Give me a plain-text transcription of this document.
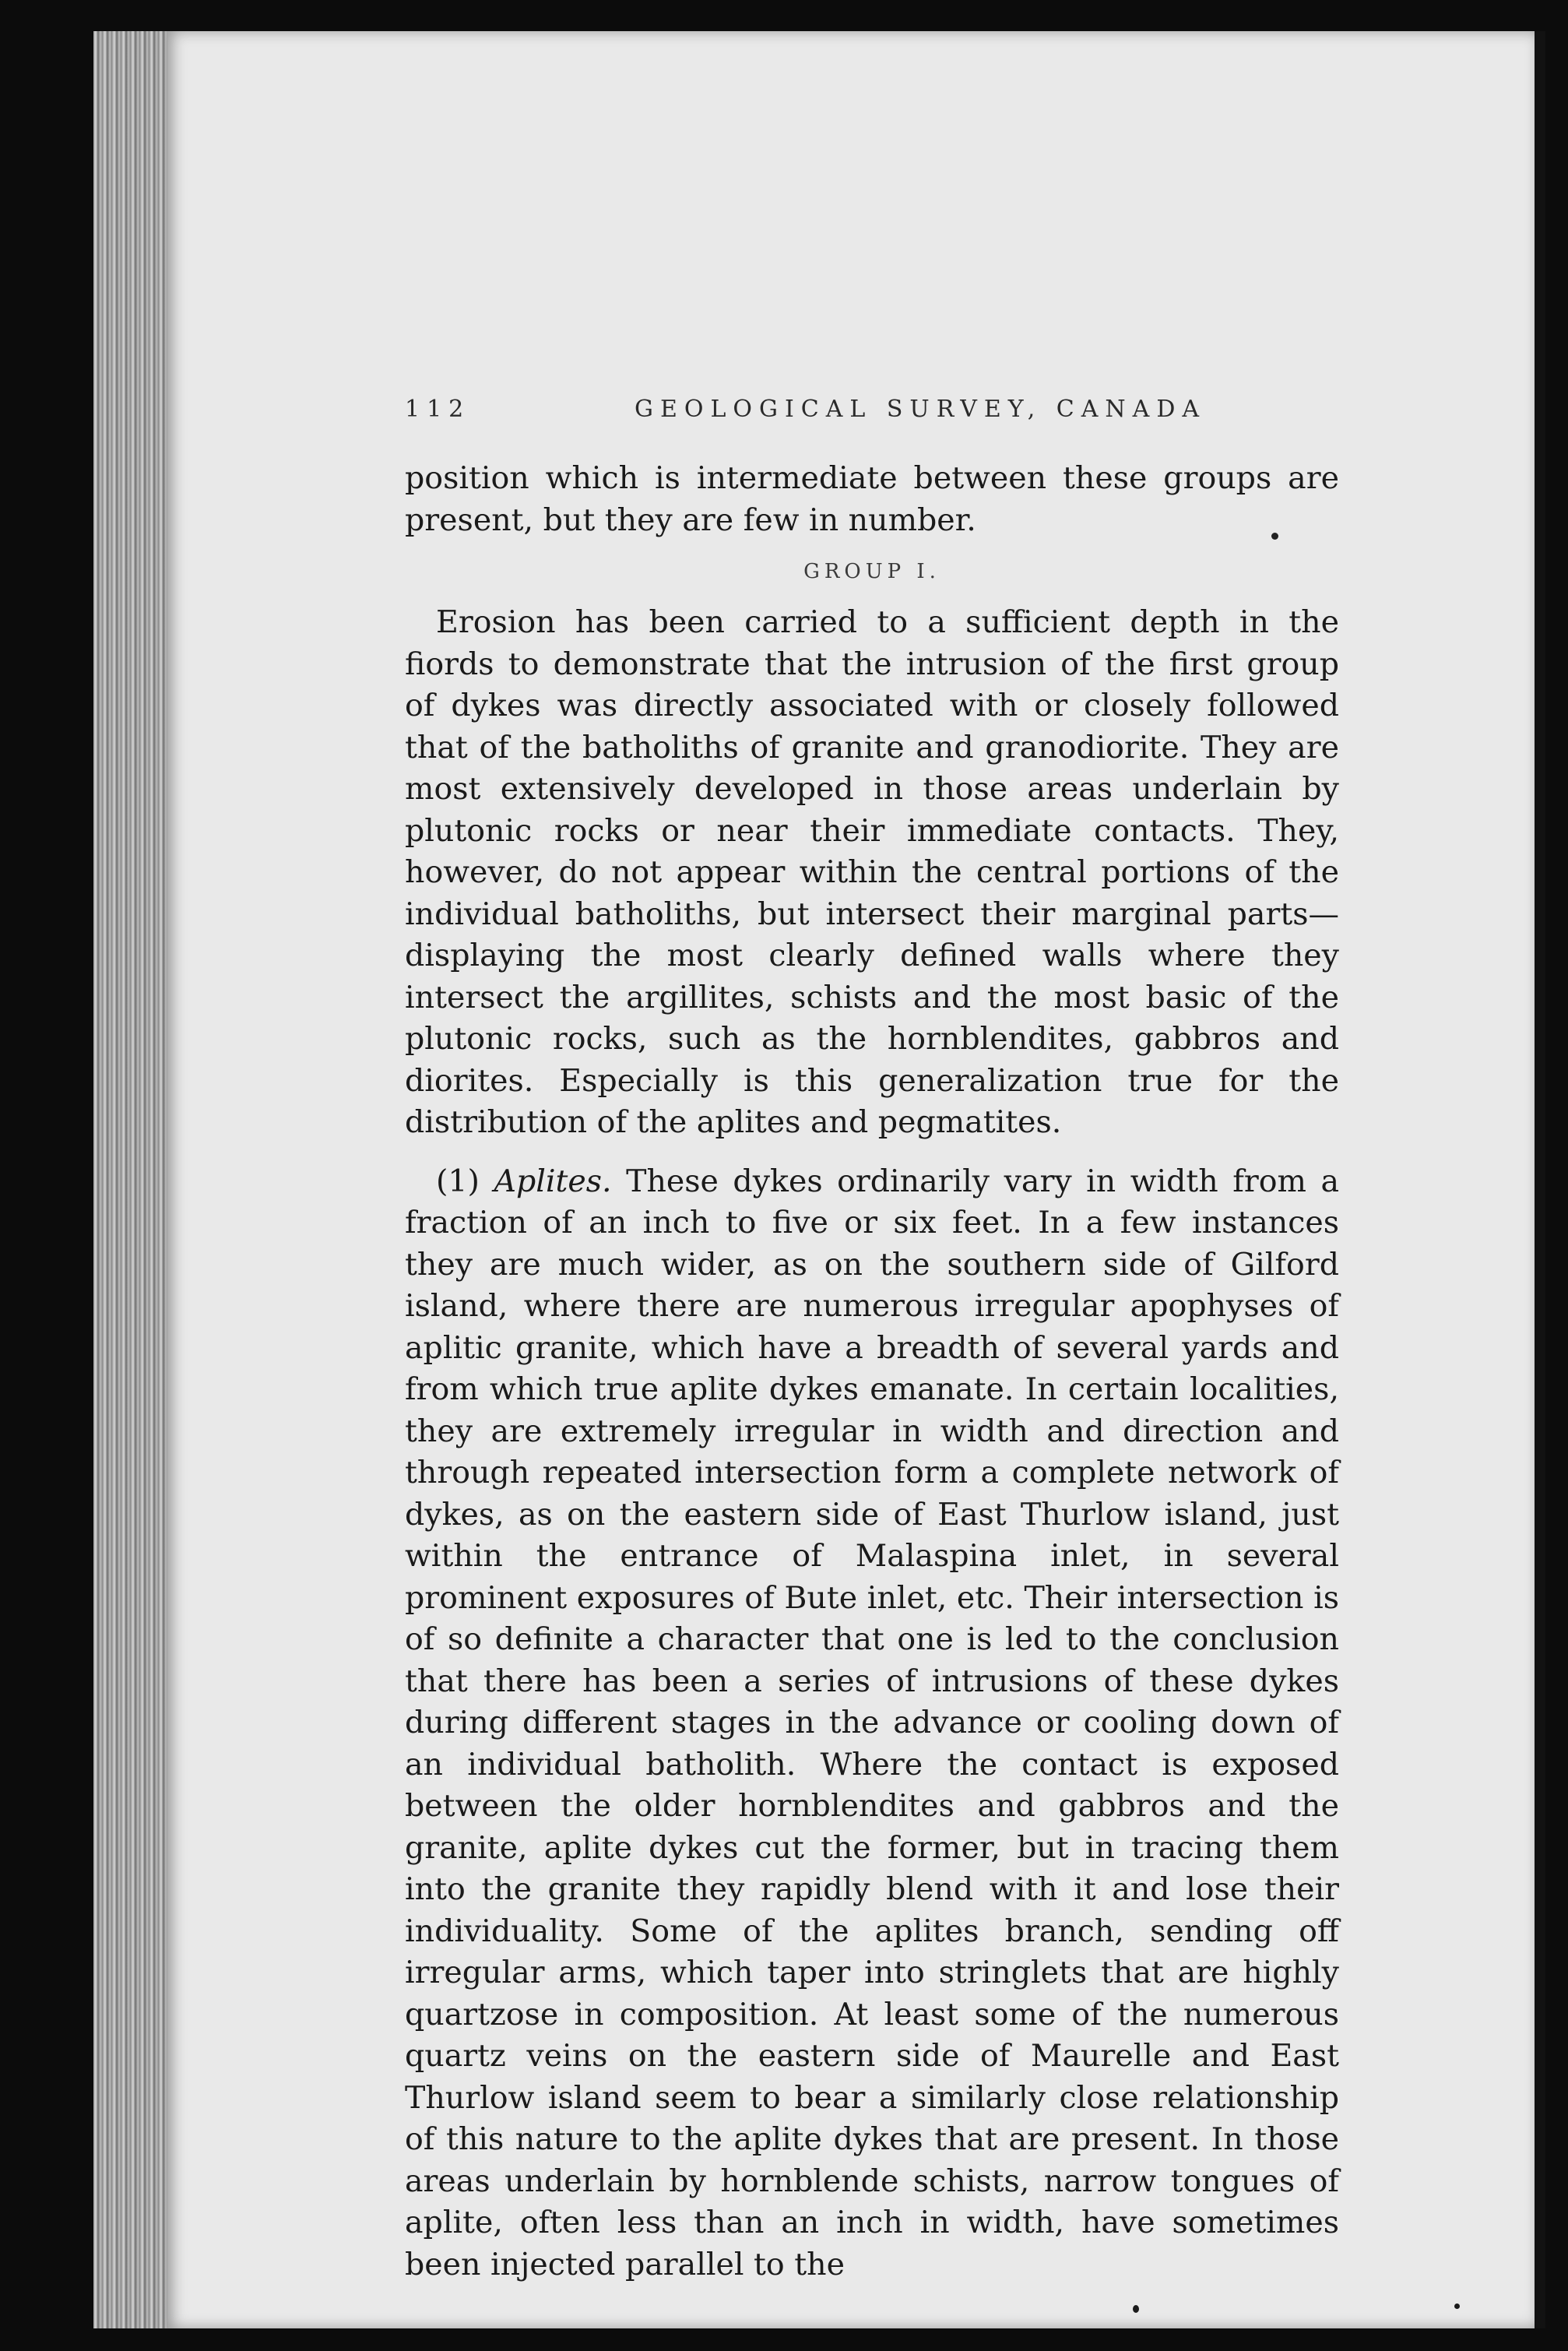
112	GEOLOGICAL SURVEY, CANADA

position which is intermediate between these groups are present, but they are few in number.

GROUP I.

Erosion has been carried to a sufficient depth in the fiords to demonstrate that the intrusion of the first group of dykes was directly associated with or closely followed that of the batholiths of granite and granodiorite. They are most extensively developed in those areas underlain by plutonic rocks or near their immediate contacts. They, however, do not appear within the central portions of the individual batholiths, but intersect their marginal parts—displaying the most clearly defined walls where they intersect the argillites, schists and the most basic of the plutonic rocks, such as the hornblendites, gabbros and diorites. Especially is this generalization true for the distribution of the aplites and pegmatites.

(1) Aplites. These dykes ordinarily vary in width from a fraction of an inch to five or six feet. In a few instances they are much wider, as on the southern side of Gilford island, where there are numerous irregular apophyses of aplitic granite, which have a breadth of several yards and from which true aplite dykes emanate. In certain localities, they are extremely irregular in width and direction and through repeated intersection form a complete network of dykes, as on the eastern side of East Thurlow island, just within the entrance of Malaspina inlet, in several prominent exposures of Bute inlet, etc. Their intersection is of so definite a character that one is led to the conclusion that there has been a series of intrusions of these dykes during different stages in the advance or cooling down of an individual batholith. Where the contact is exposed between the older hornblendites and gabbros and the granite, aplite dykes cut the former, but in tracing them into the granite they rapidly blend with it and lose their individuality. Some of the aplites branch, sending off irregular arms, which taper into stringlets that are highly quartzose in composition. At least some of the numerous quartz veins on the eastern side of Maurelle and East Thurlow island seem to bear a similarly close relationship of this nature to the aplite dykes that are present. In those areas underlain by hornblende schists, narrow tongues of aplite, often less than an inch in width, have sometimes been injected parallel to the
